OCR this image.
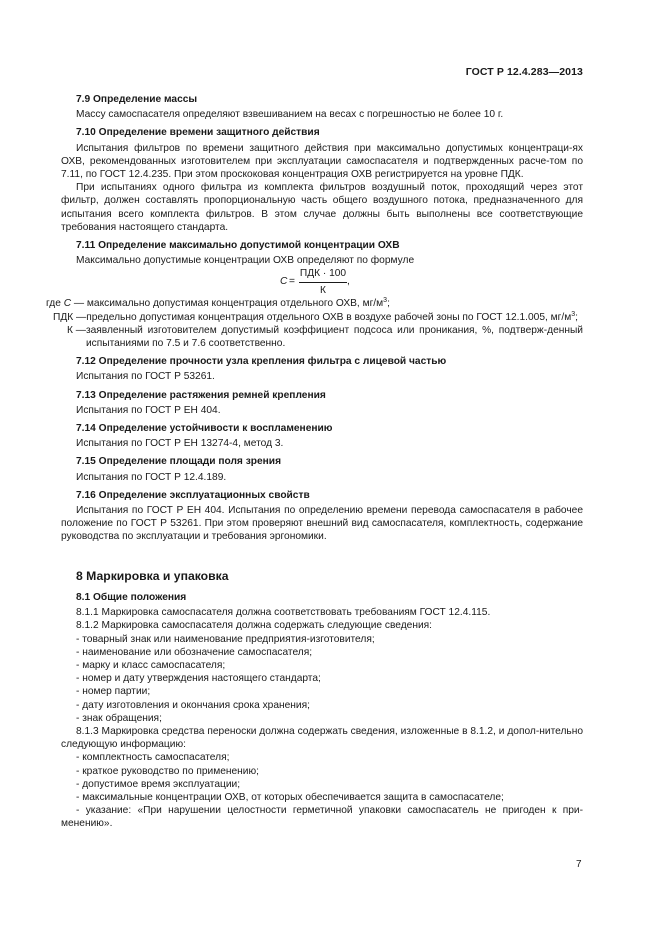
ГОСТ Р 12.4.283—2013
7.9 Определение массы

Массу самоспасателя определяют взвешиванием на весах с погрешностью не более 10 г.

7.10 Определение времени защитного действия

Испытания фильтров по времени защитного действия при максимально допустимых концентраци-ях ОХВ, рекомендованных изготовителем при эксплуатации самоспасателя и подтвержденных расче-том по 7.11, по ГОСТ 12.4.235. При этом проскоковая концентрация ОХВ регистрируется на уровне ПДК.

При испытаниях одного фильтра из комплекта фильтров воздушный поток, проходящий через этот фильтр, должен составлять пропорциональную часть общего воздушного потока, предназначенного для испытания всего комплекта фильтров. В этом случае должны быть выполнены все соответствующие требования настоящего стандарта.

7.11 Определение максимально допустимой концентрации ОХВ

Максимально допустимые концентрации ОХВ определяют по формуле

C =
ПДК · 100
К
,
где C — максимально допустимая концентрация отдельного ОХВ, $мг/м^3$;
ПДК — предельно допустимая концентрация отдельного ОХВ в воздухе рабочей зоны по ГОСТ 12.1.005, $мг/м^3$;
К — заявленный изготовителем допустимый коэффициент подсоса или проникания, %, подтверж-денный испытаниями по 7.5 и 7.6 соответственно.
7.12 Определение прочности узла крепления фильтра с лицевой частью

Испытания по ГОСТ Р 53261.

7.13 Определение растяжения ремней крепления

Испытания по ГОСТ Р ЕН 404.

7.14 Определение устойчивости к воспламенению

Испытания по ГОСТ Р ЕН 13274-4, метод 3.

7.15 Определение площади поля зрения

Испытания по ГОСТ Р 12.4.189.

7.16 Определение эксплуатационных свойств

Испытания по ГОСТ Р ЕН 404. Испытания по определению времени перевода самоспасателя в рабочее положение по ГОСТ Р 53261. При этом проверяют внешний вид самоспасателя, комплектность, содержание руководства по эксплуатации и требования эргономики.

8 Маркировка и упаковка
8.1 Общие положения

8.1.1 Маркировка самоспасателя должна соответствовать требованиям ГОСТ 12.4.115.

8.1.2 Маркировка самоспасателя должна содержать следующие сведения:

- товарный знак или наименование предприятия-изготовителя;
- наименование или обозначение самоспасателя;
- марку и класс самоспасателя;
- номер и дату утверждения настоящего стандарта;
- номер партии;
- дату изготовления и окончания срока хранения;
- знак обращения;

8.1.3 Маркировка средства переноски должна содержать сведения, изложенные в 8.1.2, и допол-нительно следующую информацию:

- комплектность самоспасателя;
- краткое руководство по применению;
- допустимое время эксплуатации;
- максимальные концентрации ОХВ, от которых обеспечивается защита в самоспасателе;

- указание: «При нарушении целостности герметичной упаковки самоспасатель не пригоден к при-менению».

7
